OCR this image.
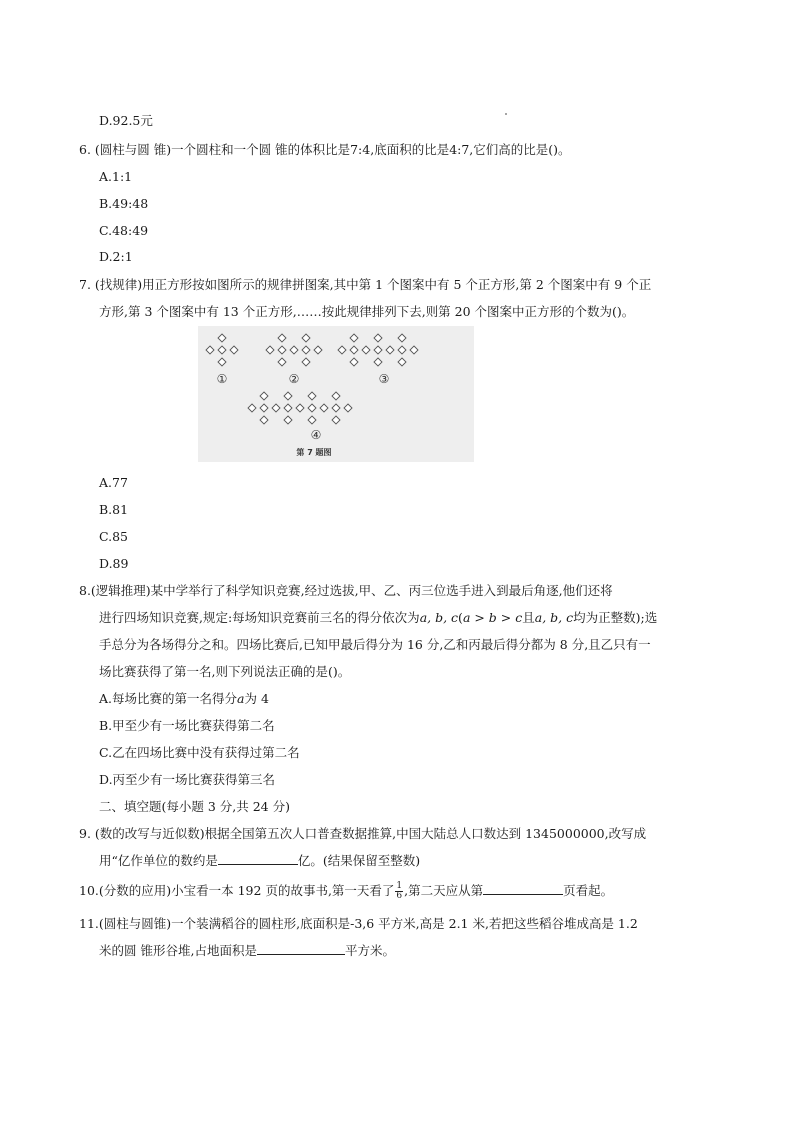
D.92.5元
6. (圆柱与圆 锥)一个圆柱和一个圆 锥的体积比是7:4,底面积的比是4:7,它们高的比是()。
A.1:1
B.49:48
C.48:49
D.2:1
7. (找规律)用正方形按如图所示的规律拼图案,其中第 1 个图案中有 5 个正方形,第 2 个图案中有 9 个正
方形,第 3 个图案中有 13 个正方形,……按此规律排列下去,则第 20 个图案中正方形的个数为()。
①	②	③
④
第 7 题图
A.77
B.81
C.85
D.89
8.(逻辑推理)某中学举行了科学知识竞赛,经过选拔,甲、乙、丙三位选手进入到最后角逐,他们还将
进行四场知识竞赛,规定:每场知识竞赛前三名的得分依次为a, b, c(a > b > c且a, b, c均为正整数);选
手总分为各场得分之和。四场比赛后,已知甲最后得分为 16 分,乙和丙最后得分都为 8 分,且乙只有一
场比赛获得了第一名,则下列说法正确的是()。
A.每场比赛的第一名得分a为 4
B.甲至少有一场比赛获得第二名
C.乙在四场比赛中没有获得过第二名
D.丙至少有一场比赛获得第三名
二、填空题(每小题 3 分,共 24 分)
9. (数的改写与近似数)根据全国第五次人口普查数据推算,中国大陆总人口数达到 1345000000,改写成
用“亿作单位的数约是	亿。(结果保留至整数)
10.(分数的应用)小宝看一本 192 页的故事书,第一天看了 $\frac{1}{6}$ ,第二天应从第	页看起。
11.(圆柱与圆锥)一个装满稻谷的圆柱形,底面积是-3,6 平方米,高是 2.1 米,若把这些稻谷堆成高是 1.2
米的圆 锥形谷堆,占地面积是	平方米。
